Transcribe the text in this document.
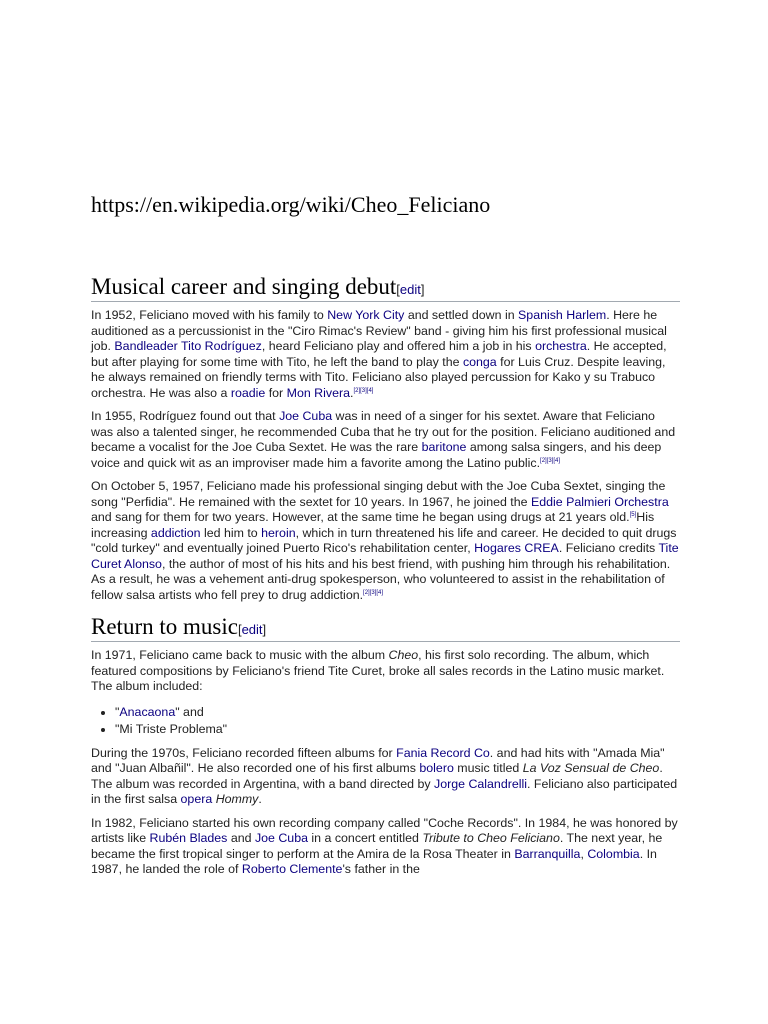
https://en.wikipedia.org/wiki/Cheo_Feliciano
Musical career and singing debut[edit]

In 1952, Feliciano moved with his family to New York City and settled down in Spanish Harlem. Here he auditioned as a percussionist in the "Ciro Rimac's Review" band - giving him his first professional musical job. Bandleader Tito Rodríguez, heard Feliciano play and offered him a job in his orchestra. He accepted, but after playing for some time with Tito, he left the band to play the conga for Luis Cruz. Despite leaving, he always remained on friendly terms with Tito. Feliciano also played percussion for Kako y su Trabuco orchestra. He was also a roadie for Mon Rivera.[2][3][4]

In 1955, Rodríguez found out that Joe Cuba was in need of a singer for his sextet. Aware that Feliciano was also a talented singer, he recommended Cuba that he try out for the position. Feliciano auditioned and became a vocalist for the Joe Cuba Sextet. He was the rare baritone among salsa singers, and his deep voice and quick wit as an improviser made him a favorite among the Latino public.[2][3][4]

On October 5, 1957, Feliciano made his professional singing debut with the Joe Cuba Sextet, singing the song "Perfidia". He remained with the sextet for 10 years. In 1967, he joined the Eddie Palmieri Orchestra and sang for them for two years. However, at the same time he began using drugs at 21 years old.[5]His increasing addiction led him to heroin, which in turn threatened his life and career. He decided to quit drugs "cold turkey" and eventually joined Puerto Rico's rehabilitation center, Hogares CREA. Feliciano credits Tite Curet Alonso, the author of most of his hits and his best friend, with pushing him through his rehabilitation. As a result, he was a vehement anti-drug spokesperson, who volunteered to assist in the rehabilitation of fellow salsa artists who fell prey to drug addiction.[2][3][4]

Return to music[edit]

In 1971, Feliciano came back to music with the album Cheo, his first solo recording. The album, which featured compositions by Feliciano's friend Tite Curet, broke all sales records in the Latino music market. The album included:

• "Anacaona" and
• "Mi Triste Problema"

During the 1970s, Feliciano recorded fifteen albums for Fania Record Co. and had hits with "Amada Mia" and "Juan Albañil". He also recorded one of his first albums bolero music titled La Voz Sensual de Cheo. The album was recorded in Argentina, with a band directed by Jorge Calandrelli. Feliciano also participated in the first salsa opera Hommy.

In 1982, Feliciano started his own recording company called "Coche Records". In 1984, he was honored by artists like Rubén Blades and Joe Cuba in a concert entitled Tribute to Cheo Feliciano. The next year, he became the first tropical singer to perform at the Amira de la Rosa Theater in Barranquilla, Colombia. In 1987, he landed the role of Roberto Clemente's father in the
